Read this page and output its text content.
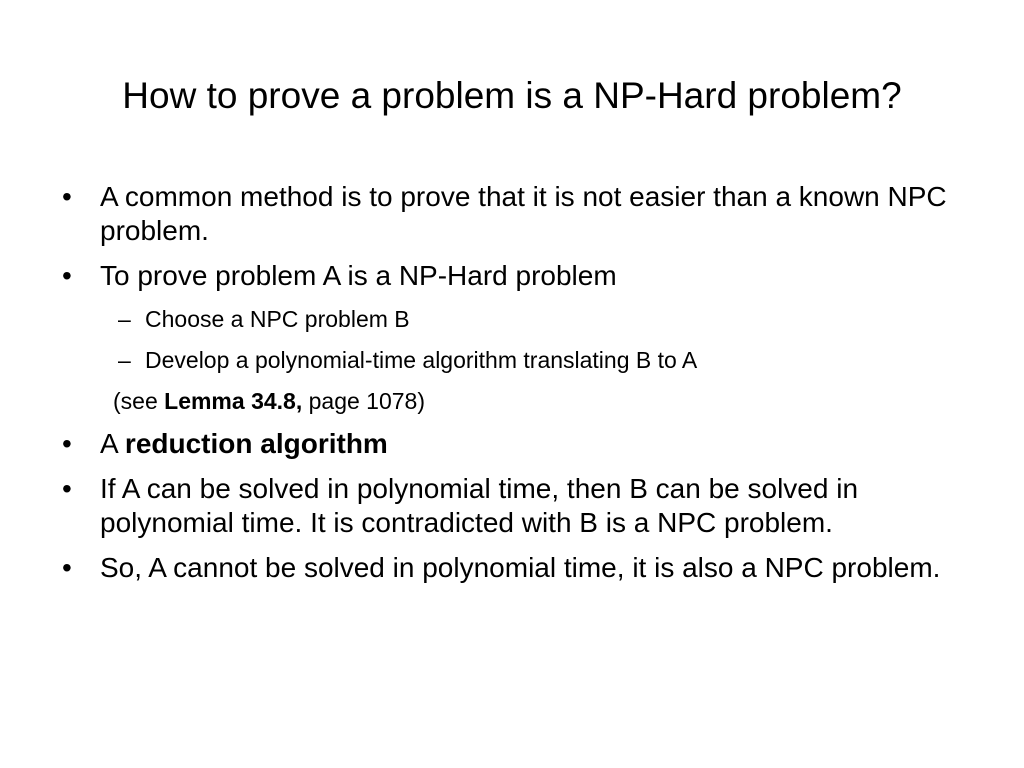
How to prove a problem is a NP-Hard problem?
•	A common method is to prove that it is not easier than a known NPC problem.
•	To prove problem A is a NP-Hard problem
– Choose a NPC problem B
– Develop a polynomial-time algorithm translating B to A
(see Lemma 34.8, page 1078)
•	A reduction algorithm
•	If A can be solved in polynomial time, then B can be solved in polynomial time. It is contradicted with B is a NPC problem.
•	So, A cannot be solved in polynomial time, it is also a NPC problem.
